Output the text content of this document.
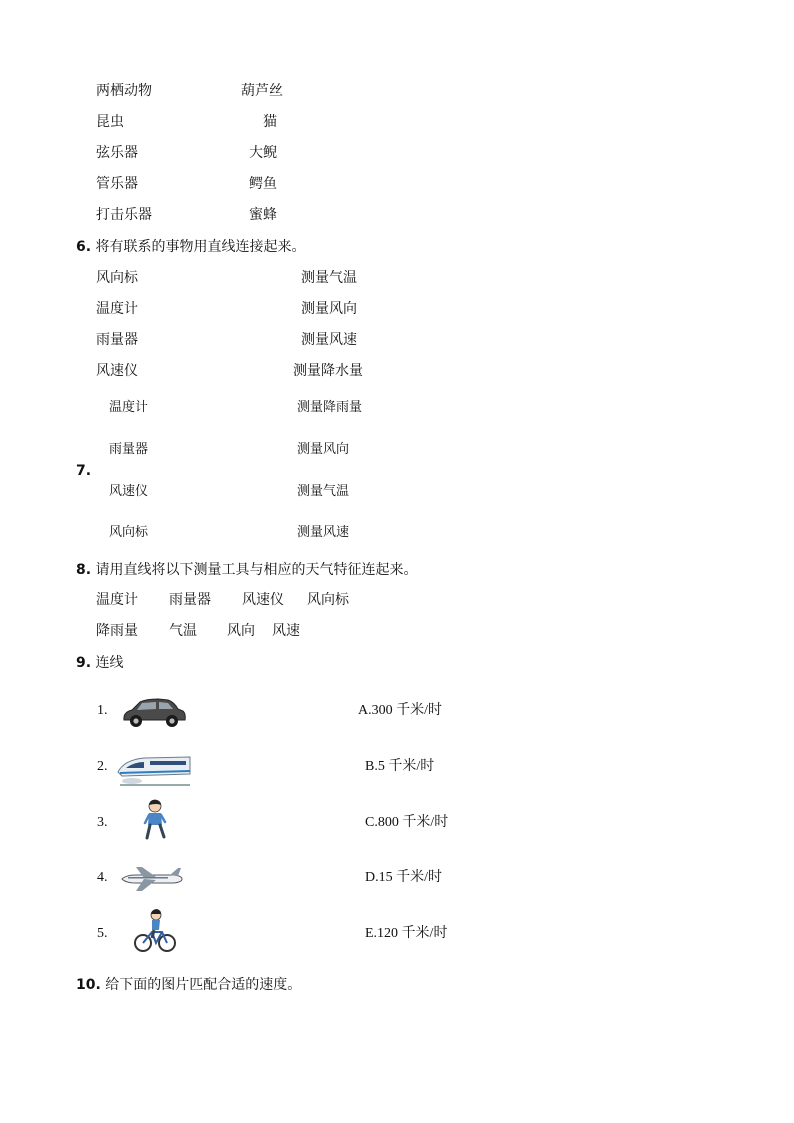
两栖动物
昆虫
弦乐器
管乐器
打击乐器
葫芦丝
猫
大鲵
鳄鱼
蜜蜂
6. 将有联系的事物用直线连接起来。
风向标
温度计
雨量器
风速仪
测量气温
测量风向
测量风速
测量降水量
7.
温度计
雨量器
风速仪
风向标
测量降雨量
测量风向
测量气温
测量风速
8. 请用直线将以下测量工具与相应的天气特征连起来。
温度计 雨量器 风速仪 风向标
降雨量 气温 风向 风速
9. 连线
1.
2.
3.
4.
5.
A.300 千米/时
B.5 千米/时
C.800 千米/时
D.15 千米/时
E.120 千米/时
10. 给下面的图片匹配合适的速度。
